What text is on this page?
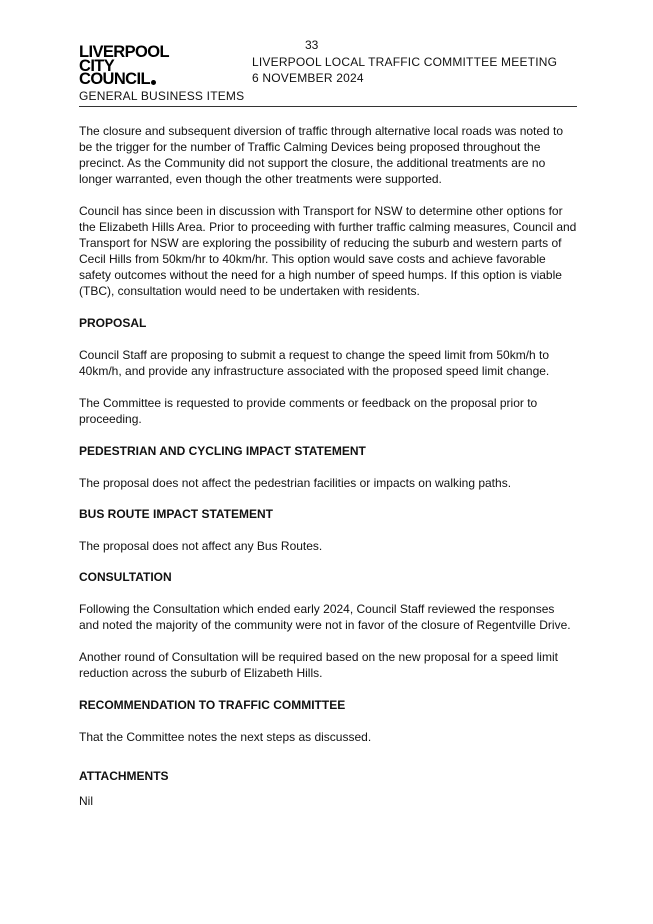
33
LIVERPOOL
CITY
COUNCIL
GENERAL BUSINESS ITEMS
LIVERPOOL LOCAL TRAFFIC COMMITTEE MEETING
6 NOVEMBER 2024

The closure and subsequent diversion of traffic through alternative local roads was noted to be the trigger for the number of Traffic Calming Devices being proposed throughout the precinct. As the Community did not support the closure, the additional treatments are no longer warranted, even though the other treatments were supported.

Council has since been in discussion with Transport for NSW to determine other options for the Elizabeth Hills Area. Prior to proceeding with further traffic calming measures, Council and Transport for NSW are exploring the possibility of reducing the suburb and western parts of Cecil Hills from 50km/hr to 40km/hr. This option would save costs and achieve favorable safety outcomes without the need for a high number of speed humps. If this option is viable (TBC), consultation would need to be undertaken with residents.

PROPOSAL

Council Staff are proposing to submit a request to change the speed limit from 50km/h to 40km/h, and provide any infrastructure associated with the proposed speed limit change.

The Committee is requested to provide comments or feedback on the proposal prior to proceeding.

PEDESTRIAN AND CYCLING IMPACT STATEMENT

The proposal does not affect the pedestrian facilities or impacts on walking paths.

BUS ROUTE IMPACT STATEMENT

The proposal does not affect any Bus Routes.

CONSULTATION

Following the Consultation which ended early 2024, Council Staff reviewed the responses and noted the majority of the community were not in favor of the closure of Regentville Drive.

Another round of Consultation will be required based on the new proposal for a speed limit reduction across the suburb of Elizabeth Hills.

RECOMMENDATION TO TRAFFIC COMMITTEE

That the Committee notes the next steps as discussed.

ATTACHMENTS

Nil
